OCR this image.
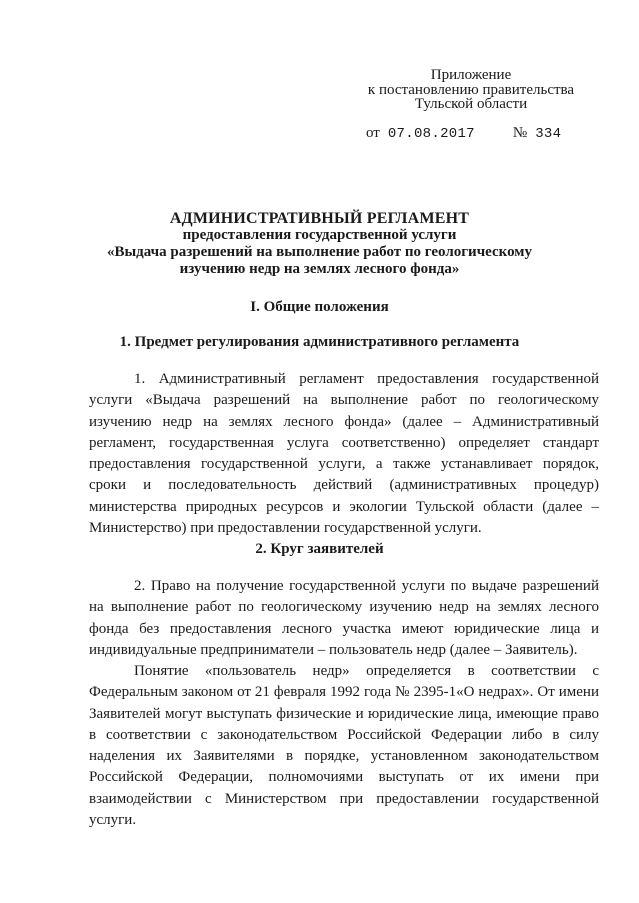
Приложение
к постановлению правительства
Тульской области
от 07.08.2017	№ 334
АДМИНИСТРАТИВНЫЙ РЕГЛАМЕНТ
предоставления государственной услуги
«Выдача разрешений на выполнение работ по геологическому
изучению недр на землях лесного фонда»
I. Общие положения
1. Предмет регулирования административного регламента

1. Административный регламент предоставления государственной услуги «Выдача разрешений на выполнение работ по геологическому изучению недр на землях лесного фонда» (далее – Административный регламент, государственная услуга соответственно) определяет стандарт предоставления государственной услуги, а также устанавливает порядок, сроки и последовательность действий (административных процедур) министерства природных ресурсов и экологии Тульской области (далее – Министерство) при предоставлении государственной услуги.

2. Круг заявителей

2. Право на получение государственной услуги по выдаче разрешений на выполнение работ по геологическому изучению недр на землях лесного фонда без предоставления лесного участка имеют юридические лица и индивидуальные предприниматели – пользователь недр (далее – Заявитель).

Понятие «пользователь недр» определяется в соответствии с Федеральным законом от 21 февраля 1992 года № 2395-1«О недрах». От имени Заявителей могут выступать физические и юридические лица, имеющие право в соответствии с законодательством Российской Федерации либо в силу наделения их Заявителями в порядке, установленном законодательством Российской Федерации, полномочиями выступать от их имени при взаимодействии с Министерством при предоставлении государственной услуги.
